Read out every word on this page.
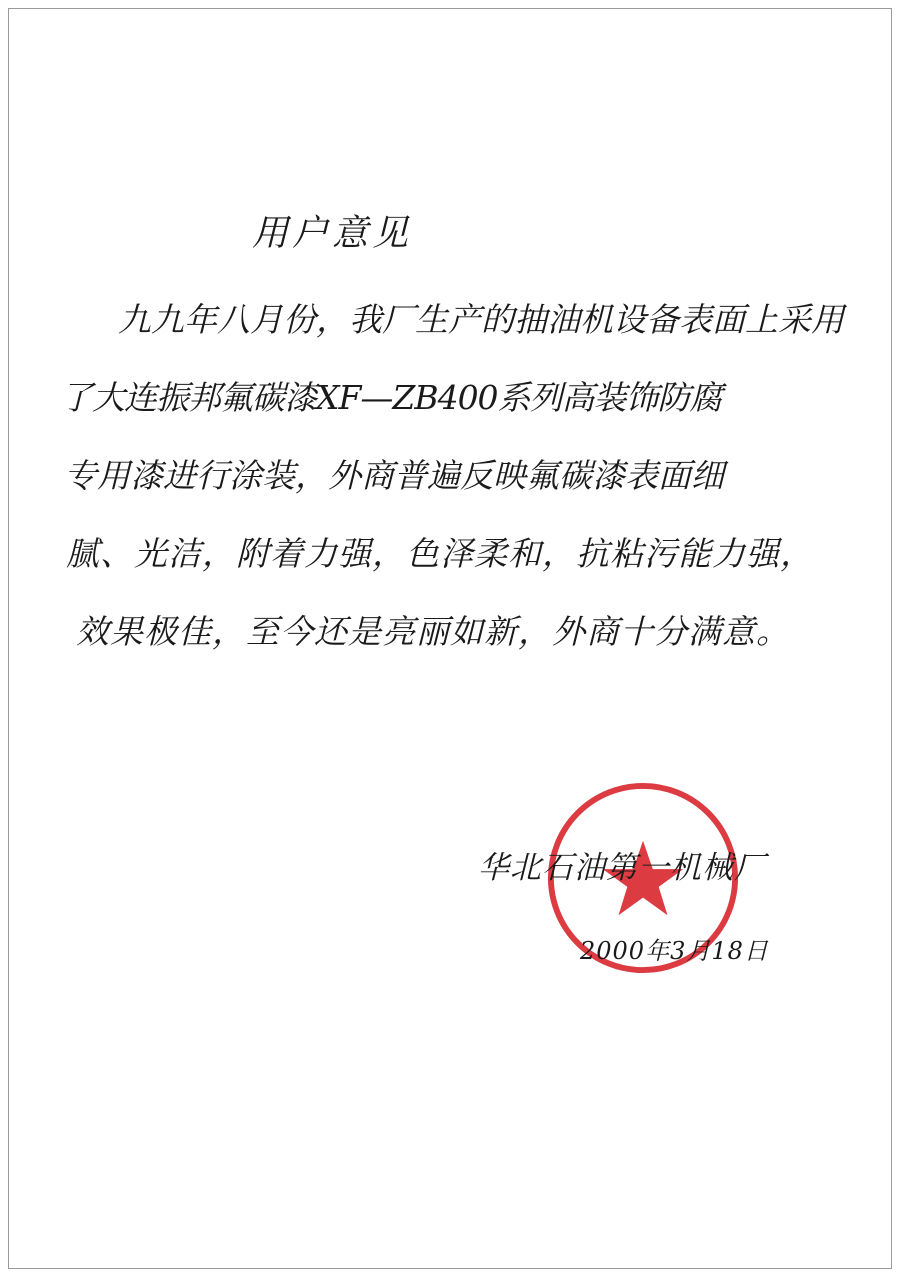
用户意见
九九年八月份，我厂生产的抽油机设备表面上采用
了大连振邦氟碳漆XF—ZB400系列高装饰防腐
专用漆进行涂装，外商普遍反映氟碳漆表面细
腻、光洁，附着力强，色泽柔和，抗粘污能力强，
效果极佳，至今还是亮丽如新，外商十分满意。
华北石油第一机械厂
2000年3月18日
